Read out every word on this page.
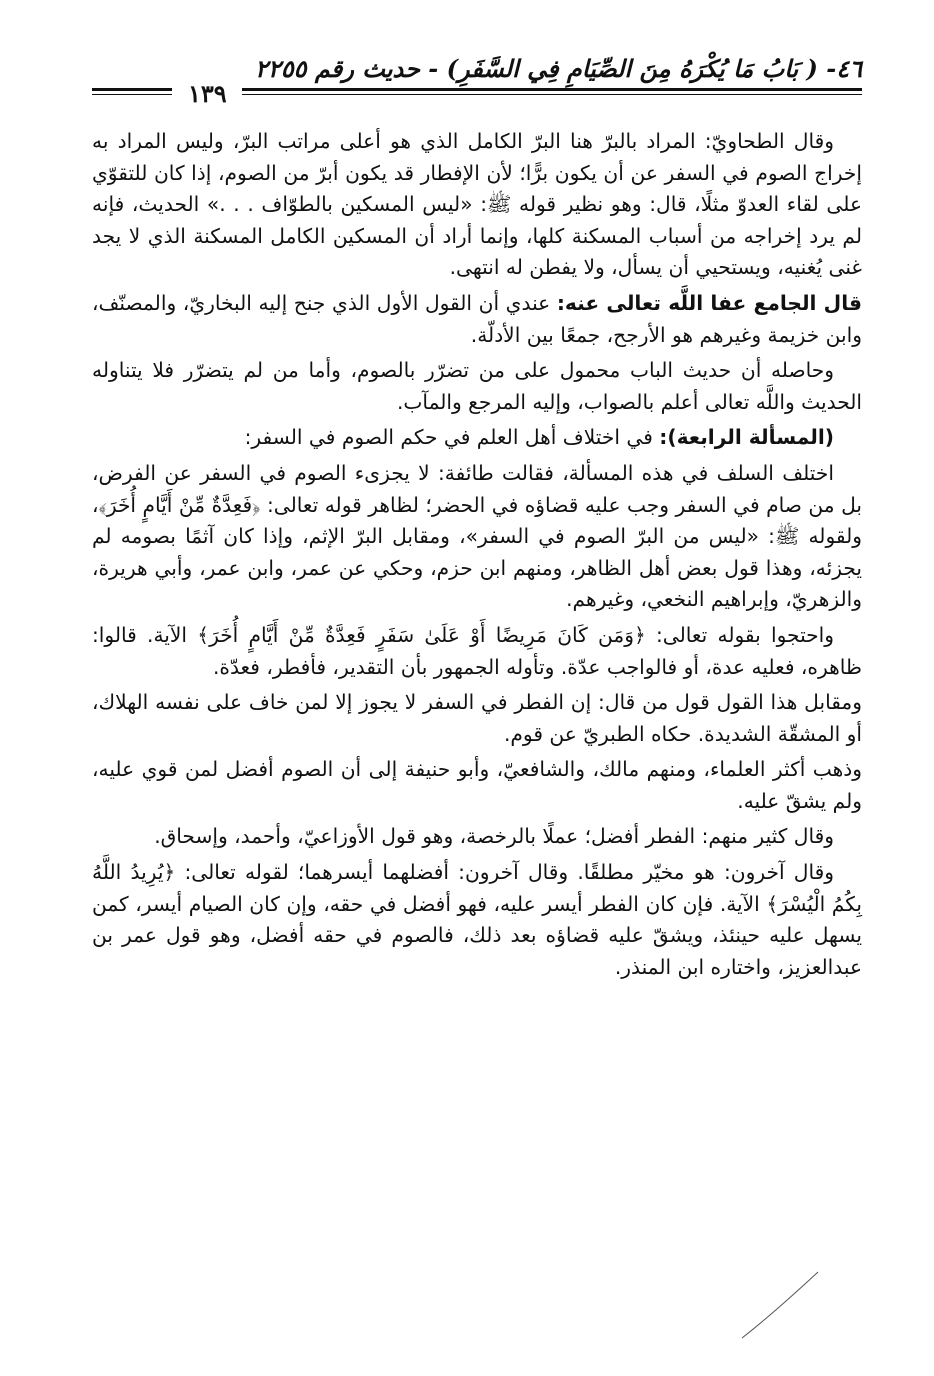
٤٦- ( بَابُ مَا يُكْرَهُ مِنَ الصِّيَامِ فِي السَّفَرِ) - حديث رقم ٢٢٥٥
١٣٩

وقال الطحاويّ: المراد بالبرّ هنا البرّ الكامل الذي هو أعلى مراتب البرّ، وليس المراد به إخراج الصوم في السفر عن أن يكون برًّا؛ لأن الإفطار قد يكون أبرّ من الصوم، إذا كان للتقوّي على لقاء العدوّ مثلًا، قال: وهو نظير قوله ﷺ: «ليس المسكين بالطوّاف . . .» الحديث، فإنه لم يرد إخراجه من أسباب المسكنة كلها، وإنما أراد أن المسكين الكامل المسكنة الذي لا يجد غنى يُغنيه، ويستحيي أن يسأل، ولا يفطن له انتهى.

قال الجامع عفا اللَّه تعالى عنه: عندي أن القول الأول الذي جنح إليه البخاريّ، والمصنّف، وابن خزيمة وغيرهم هو الأرجح، جمعًا بين الأدلّة.

وحاصله أن حديث الباب محمول على من تضرّر بالصوم، وأما من لم يتضرّر فلا يتناوله الحديث واللَّه تعالى أعلم بالصواب، وإليه المرجع والمآب.

(المسألة الرابعة): في اختلاف أهل العلم في حكم الصوم في السفر:

اختلف السلف في هذه المسألة، فقالت طائفة: لا يجزىء الصوم في السفر عن الفرض، بل من صام في السفر وجب عليه قضاؤه في الحضر؛ لظاهر قوله تعالى: ﴿فَعِدَّةٌ مِّنْ أَيَّامٍ أُخَرَ﴾، ولقوله ﷺ: «ليس من البرّ الصوم في السفر»، ومقابل البرّ الإثم، وإذا كان آثمًا بصومه لم يجزئه، وهذا قول بعض أهل الظاهر، ومنهم ابن حزم، وحكي عن عمر، وابن عمر، وأبي هريرة، والزهريّ، وإبراهيم النخعي، وغيرهم.

واحتجوا بقوله تعالى: ﴿وَمَن كَانَ مَرِيضًا أَوْ عَلَىٰ سَفَرٍ فَعِدَّةٌ مِّنْ أَيَّامٍ أُخَرَ﴾ الآية. قالوا: ظاهره، فعليه عدة، أو فالواجب عدّة. وتأوله الجمهور بأن التقدير، فأفطر، فعدّة.

ومقابل هذا القول قول من قال: إن الفطر في السفر لا يجوز إلا لمن خاف على نفسه الهلاك، أو المشقّة الشديدة. حكاه الطبريّ عن قوم.

وذهب أكثر العلماء، ومنهم مالك، والشافعيّ، وأبو حنيفة إلى أن الصوم أفضل لمن قوي عليه، ولم يشقّ عليه.

وقال كثير منهم: الفطر أفضل؛ عملًا بالرخصة، وهو قول الأوزاعيّ، وأحمد، وإسحاق.

وقال آخرون: هو مخيّر مطلقًا. وقال آخرون: أفضلهما أيسرهما؛ لقوله تعالى: ﴿يُرِيدُ اللَّهُ بِكُمُ الْيُسْرَ﴾ الآية. فإن كان الفطر أيسر عليه، فهو أفضل في حقه، وإن كان الصيام أيسر، كمن يسهل عليه حينئذ، ويشقّ عليه قضاؤه بعد ذلك، فالصوم في حقه أفضل، وهو قول عمر بن عبدالعزيز، واختاره ابن المنذر.
